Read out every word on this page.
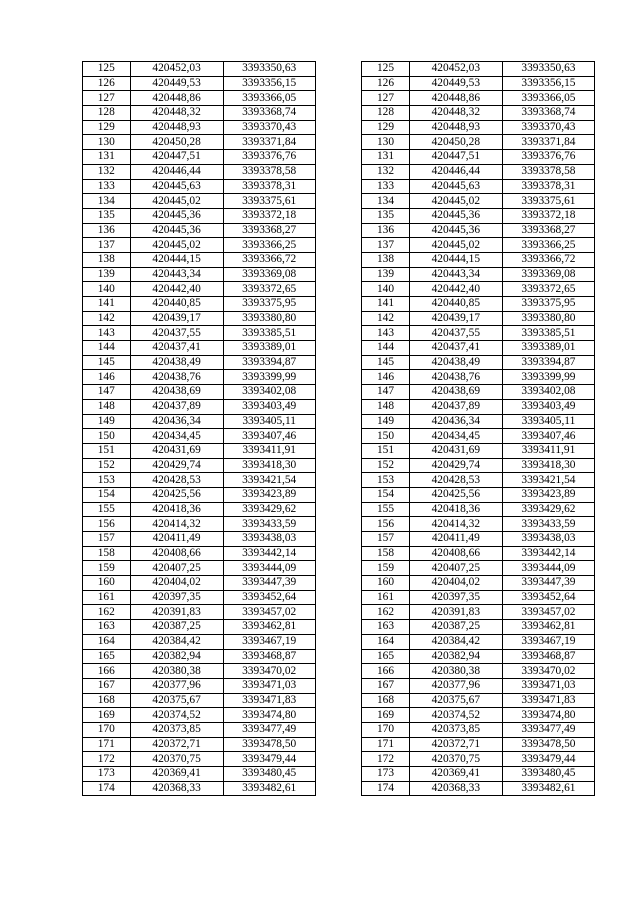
125	420452,03	3393350,63		125	420452,03	3393350,63
126	420449,53	3393356,15		126	420449,53	3393356,15
127	420448,86	3393366,05		127	420448,86	3393366,05
128	420448,32	3393368,74		128	420448,32	3393368,74
129	420448,93	3393370,43		129	420448,93	3393370,43
130	420450,28	3393371,84		130	420450,28	3393371,84
131	420447,51	3393376,76		131	420447,51	3393376,76
132	420446,44	3393378,58		132	420446,44	3393378,58
133	420445,63	3393378,31		133	420445,63	3393378,31
134	420445,02	3393375,61		134	420445,02	3393375,61
135	420445,36	3393372,18		135	420445,36	3393372,18
136	420445,36	3393368,27		136	420445,36	3393368,27
137	420445,02	3393366,25		137	420445,02	3393366,25
138	420444,15	3393366,72		138	420444,15	3393366,72
139	420443,34	3393369,08		139	420443,34	3393369,08
140	420442,40	3393372,65		140	420442,40	3393372,65
141	420440,85	3393375,95		141	420440,85	3393375,95
142	420439,17	3393380,80		142	420439,17	3393380,80
143	420437,55	3393385,51		143	420437,55	3393385,51
144	420437,41	3393389,01		144	420437,41	3393389,01
145	420438,49	3393394,87		145	420438,49	3393394,87
146	420438,76	3393399,99		146	420438,76	3393399,99
147	420438,69	3393402,08		147	420438,69	3393402,08
148	420437,89	3393403,49		148	420437,89	3393403,49
149	420436,34	3393405,11		149	420436,34	3393405,11
150	420434,45	3393407,46		150	420434,45	3393407,46
151	420431,69	3393411,91		151	420431,69	3393411,91
152	420429,74	3393418,30		152	420429,74	3393418,30
153	420428,53	3393421,54		153	420428,53	3393421,54
154	420425,56	3393423,89		154	420425,56	3393423,89
155	420418,36	3393429,62		155	420418,36	3393429,62
156	420414,32	3393433,59		156	420414,32	3393433,59
157	420411,49	3393438,03		157	420411,49	3393438,03
158	420408,66	3393442,14		158	420408,66	3393442,14
159	420407,25	3393444,09		159	420407,25	3393444,09
160	420404,02	3393447,39		160	420404,02	3393447,39
161	420397,35	3393452,64		161	420397,35	3393452,64
162	420391,83	3393457,02		162	420391,83	3393457,02
163	420387,25	3393462,81		163	420387,25	3393462,81
164	420384,42	3393467,19		164	420384,42	3393467,19
165	420382,94	3393468,87		165	420382,94	3393468,87
166	420380,38	3393470,02		166	420380,38	3393470,02
167	420377,96	3393471,03		167	420377,96	3393471,03
168	420375,67	3393471,83		168	420375,67	3393471,83
169	420374,52	3393474,80		169	420374,52	3393474,80
170	420373,85	3393477,49		170	420373,85	3393477,49
171	420372,71	3393478,50		171	420372,71	3393478,50
172	420370,75	3393479,44		172	420370,75	3393479,44
173	420369,41	3393480,45		173	420369,41	3393480,45
174	420368,33	3393482,61		174	420368,33	3393482,61
